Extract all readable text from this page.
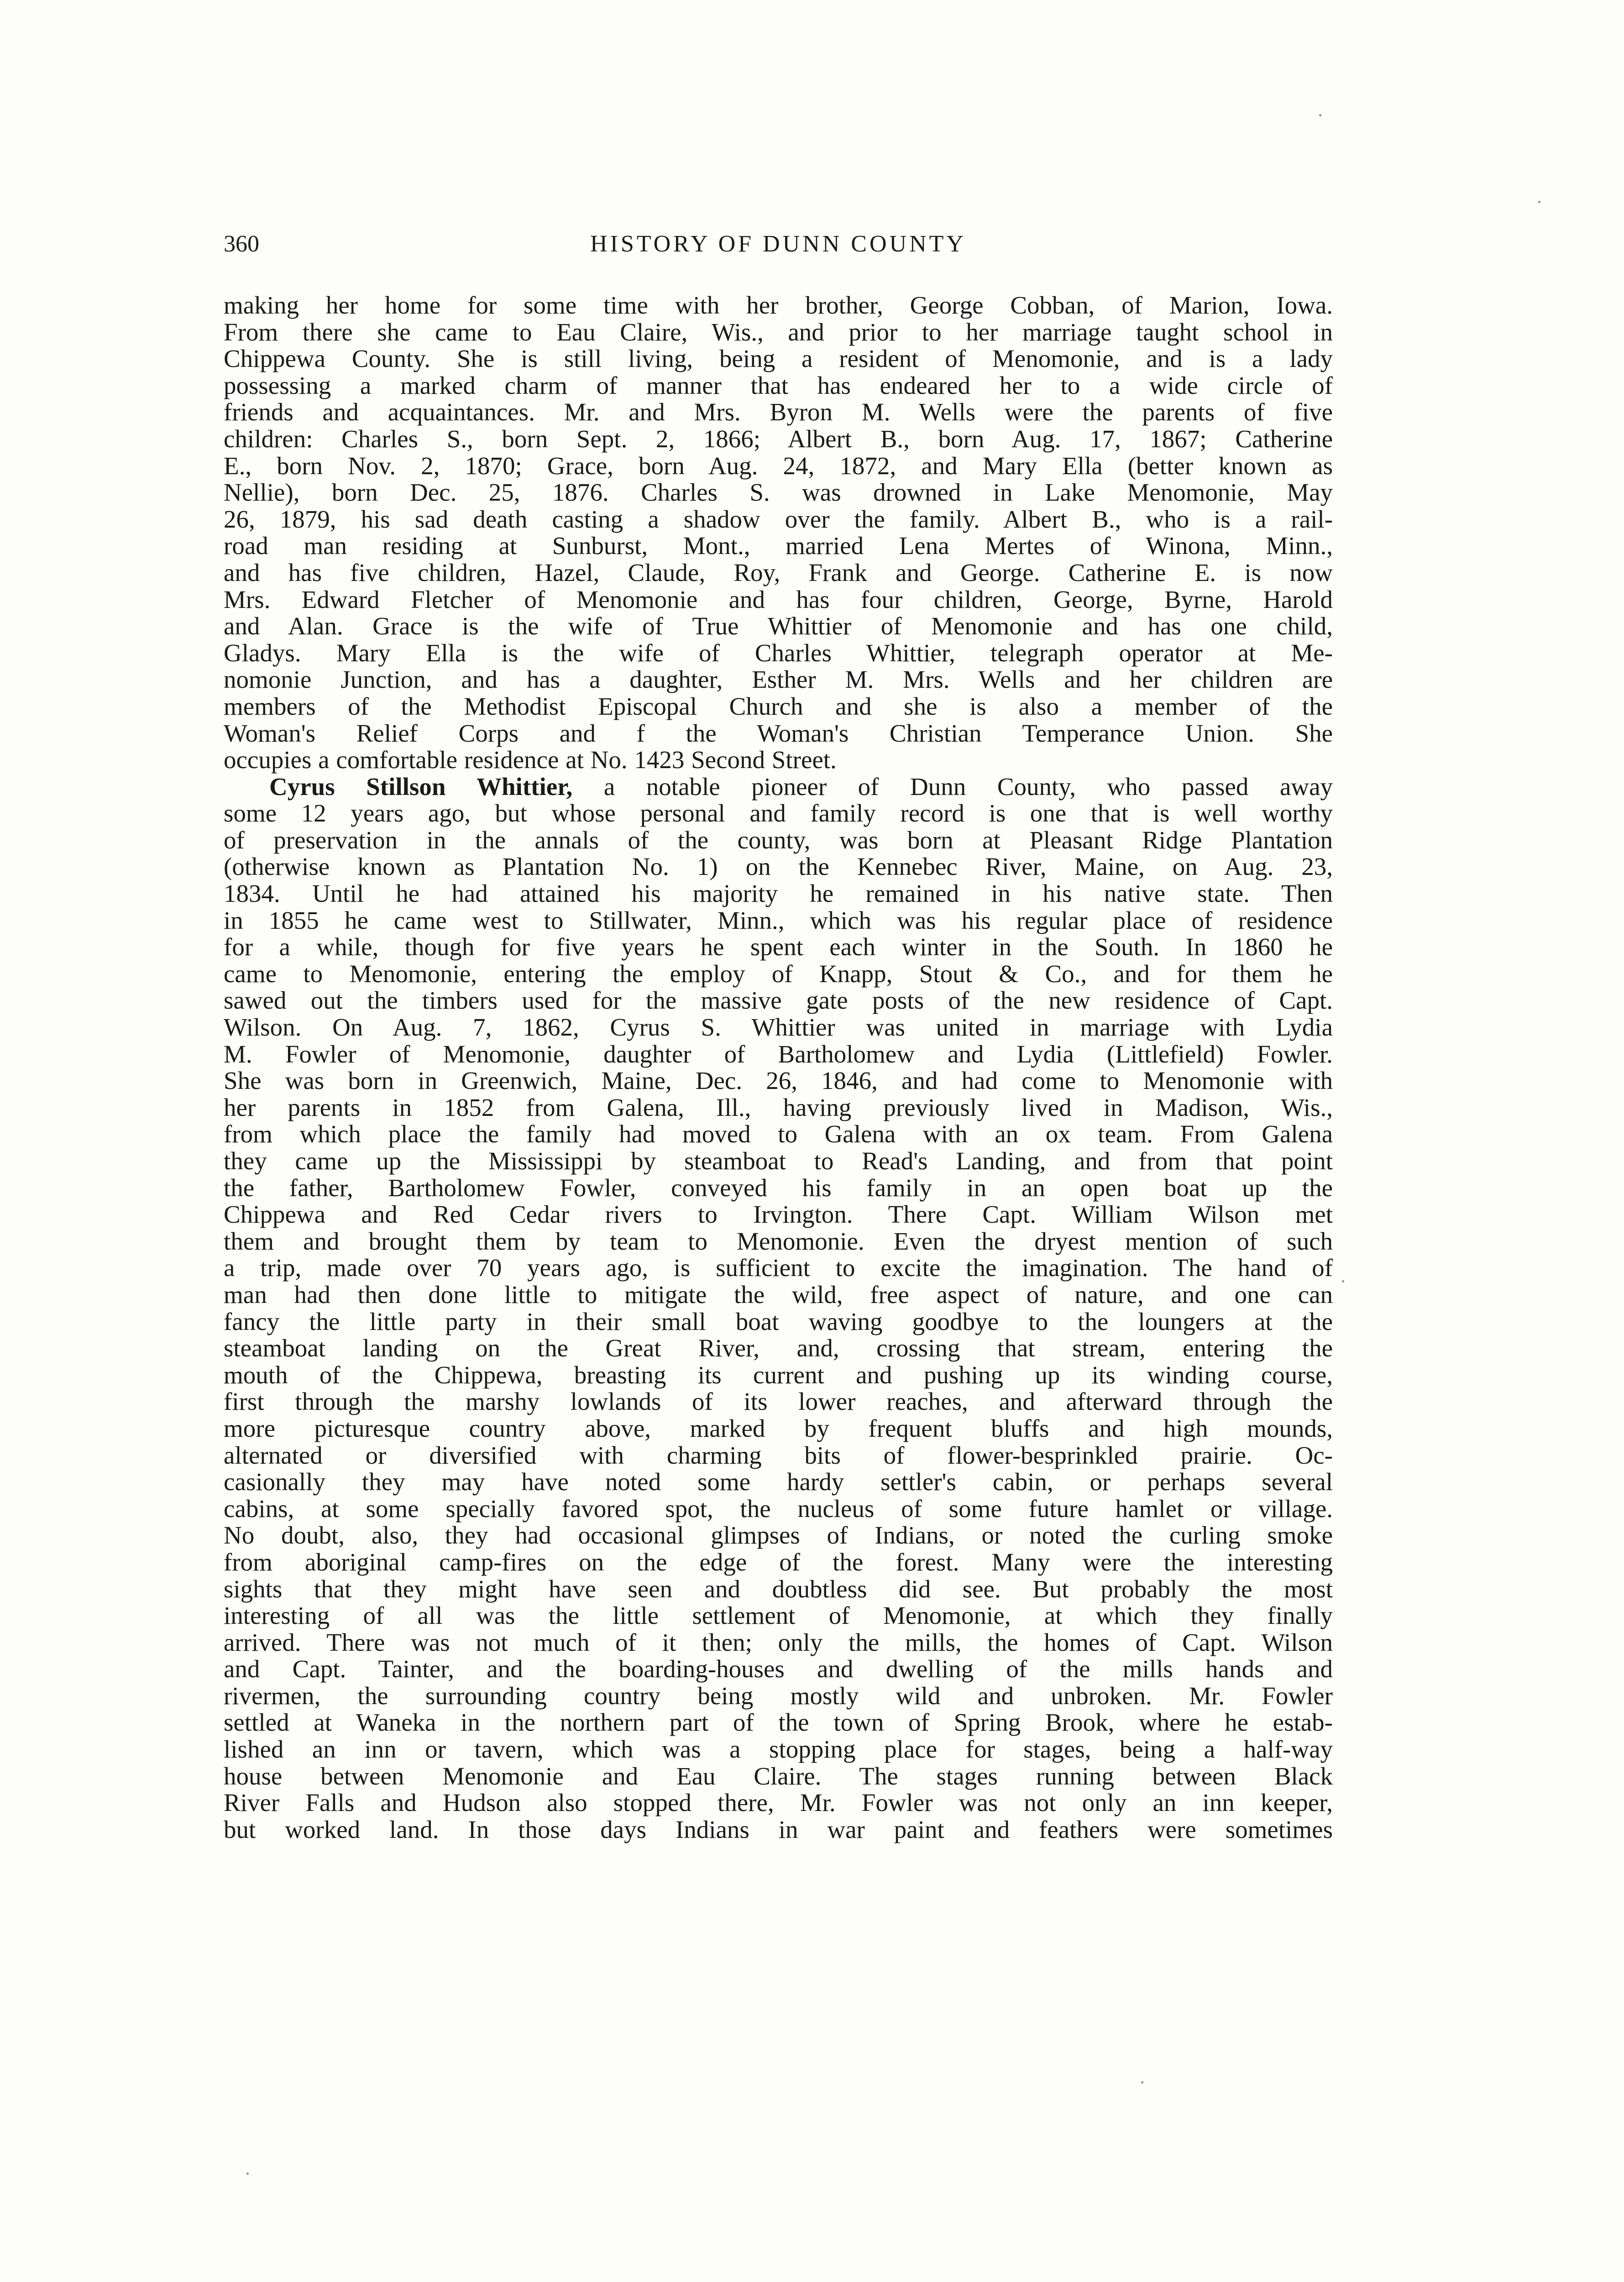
360	HISTORY OF DUNN COUNTY
making her home for some time with her brother, George Cobban, of Marion, Iowa.
From there she came to Eau Claire, Wis., and prior to her marriage taught school in
Chippewa County. She is still living, being a resident of Menomonie, and is a lady
possessing a marked charm of manner that has endeared her to a wide circle of
friends and acquaintances. Mr. and Mrs. Byron M. Wells were the parents of five
children: Charles S., born Sept. 2, 1866; Albert B., born Aug. 17, 1867; Catherine
E., born Nov. 2, 1870; Grace, born Aug. 24, 1872, and Mary Ella (better known as
Nellie), born Dec. 25, 1876. Charles S. was drowned in Lake Menomonie, May
26, 1879, his sad death casting a shadow over the family. Albert B., who is a rail-
road man residing at Sunburst, Mont., married Lena Mertes of Winona, Minn.,
and has five children, Hazel, Claude, Roy, Frank and George. Catherine E. is now
Mrs. Edward Fletcher of Menomonie and has four children, George, Byrne, Harold
and Alan. Grace is the wife of True Whittier of Menomonie and has one child,
Gladys. Mary Ella is the wife of Charles Whittier, telegraph operator at Me-
nomonie Junction, and has a daughter, Esther M. Mrs. Wells and her children are
members of the Methodist Episcopal Church and she is also a member of the
Woman's Relief Corps and f the Woman's Christian Temperance Union. She
occupies a comfortable residence at No. 1423 Second Street.
Cyrus Stillson Whittier, a notable pioneer of Dunn County, who passed away
some 12 years ago, but whose personal and family record is one that is well worthy
of preservation in the annals of the county, was born at Pleasant Ridge Plantation
(otherwise known as Plantation No. 1) on the Kennebec River, Maine, on Aug. 23,
1834. Until he had attained his majority he remained in his native state. Then
in 1855 he came west to Stillwater, Minn., which was his regular place of residence
for a while, though for five years he spent each winter in the South. In 1860 he
came to Menomonie, entering the employ of Knapp, Stout & Co., and for them he
sawed out the timbers used for the massive gate posts of the new residence of Capt.
Wilson. On Aug. 7, 1862, Cyrus S. Whittier was united in marriage with Lydia
M. Fowler of Menomonie, daughter of Bartholomew and Lydia (Littlefield) Fowler.
She was born in Greenwich, Maine, Dec. 26, 1846, and had come to Menomonie with
her parents in 1852 from Galena, Ill., having previously lived in Madison, Wis.,
from which place the family had moved to Galena with an ox team. From Galena
they came up the Mississippi by steamboat to Read's Landing, and from that point
the father, Bartholomew Fowler, conveyed his family in an open boat up the
Chippewa and Red Cedar rivers to Irvington. There Capt. William Wilson met
them and brought them by team to Menomonie. Even the dryest mention of such
a trip, made over 70 years ago, is sufficient to excite the imagination. The hand of
man had then done little to mitigate the wild, free aspect of nature, and one can
fancy the little party in their small boat waving goodbye to the loungers at the
steamboat landing on the Great River, and, crossing that stream, entering the
mouth of the Chippewa, breasting its current and pushing up its winding course,
first through the marshy lowlands of its lower reaches, and afterward through the
more picturesque country above, marked by frequent bluffs and high mounds,
alternated or diversified with charming bits of flower-besprinkled prairie. Oc-
casionally they may have noted some hardy settler's cabin, or perhaps several
cabins, at some specially favored spot, the nucleus of some future hamlet or village.
No doubt, also, they had occasional glimpses of Indians, or noted the curling smoke
from aboriginal camp-fires on the edge of the forest. Many were the interesting
sights that they might have seen and doubtless did see. But probably the most
interesting of all was the little settlement of Menomonie, at which they finally
arrived. There was not much of it then; only the mills, the homes of Capt. Wilson
and Capt. Tainter, and the boarding-houses and dwelling of the mills hands and
rivermen, the surrounding country being mostly wild and unbroken. Mr. Fowler
settled at Waneka in the northern part of the town of Spring Brook, where he estab-
lished an inn or tavern, which was a stopping place for stages, being a half-way
house between Menomonie and Eau Claire. The stages running between Black
River Falls and Hudson also stopped there, Mr. Fowler was not only an inn keeper,
but worked land. In those days Indians in war paint and feathers were sometimes
